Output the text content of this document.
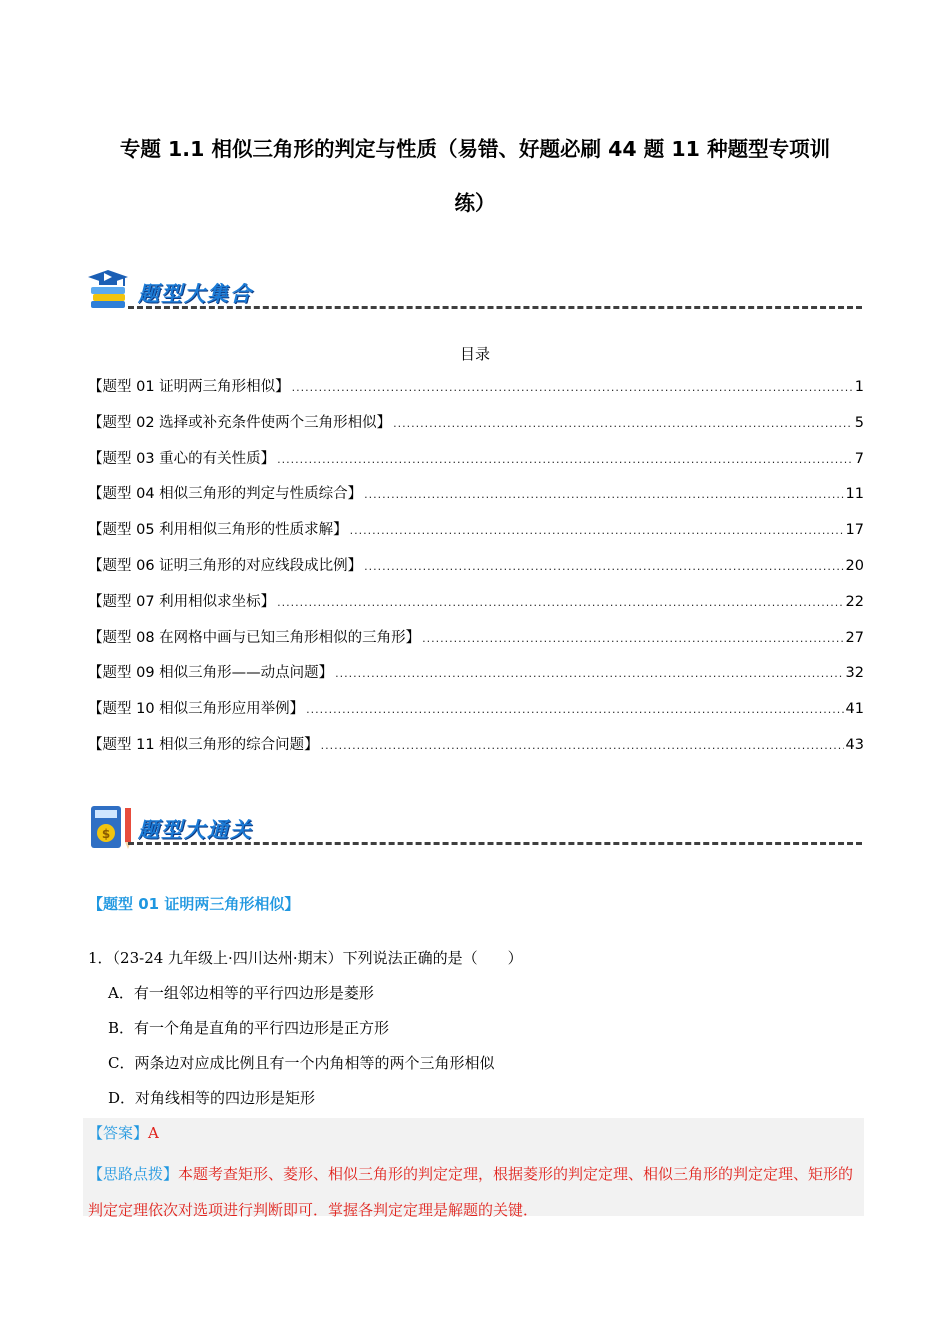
专题 1.1 相似三角形的判定与性质（易错、好题必刷 44 题 11 种题型专项训
练）
题型大集合
目录
【题型 01 证明两三角形相似】 .....	1
【题型 02 选择或补充条件使两个三角形相似】 .....	5
【题型 03 重心的有关性质】 .....	7
【题型 04 相似三角形的判定与性质综合】 .....	11
【题型 05 利用相似三角形的性质求解】 .....	17
【题型 06 证明三角形的对应线段成比例】 .....	20
【题型 07 利用相似求坐标】 .....	22
【题型 08 在网格中画与已知三角形相似的三角形】 .....	27
【题型 09 相似三角形——动点问题】 .....	32
【题型 10 相似三角形应用举例】 .....	41
【题型 11 相似三角形的综合问题】 .....	43
$ 题型大通关
【题型 01 证明两三角形相似】
1．（23-24 九年级上·四川达州·期末）下列说法正确的是（　　）
A．有一组邻边相等的平行四边形是菱形
B．有一个角是直角的平行四边形是正方形
C．两条边对应成比例且有一个内角相等的两个三角形相似
D．对角线相等的四边形是矩形
【答案】A
【思路点拨】本题考查矩形、菱形、相似三角形的判定定理，根据菱形的判定定理、相似三角形的判定定理、矩形的判定定理依次对选项进行判断即可．掌握各判定定理是解题的关键．
